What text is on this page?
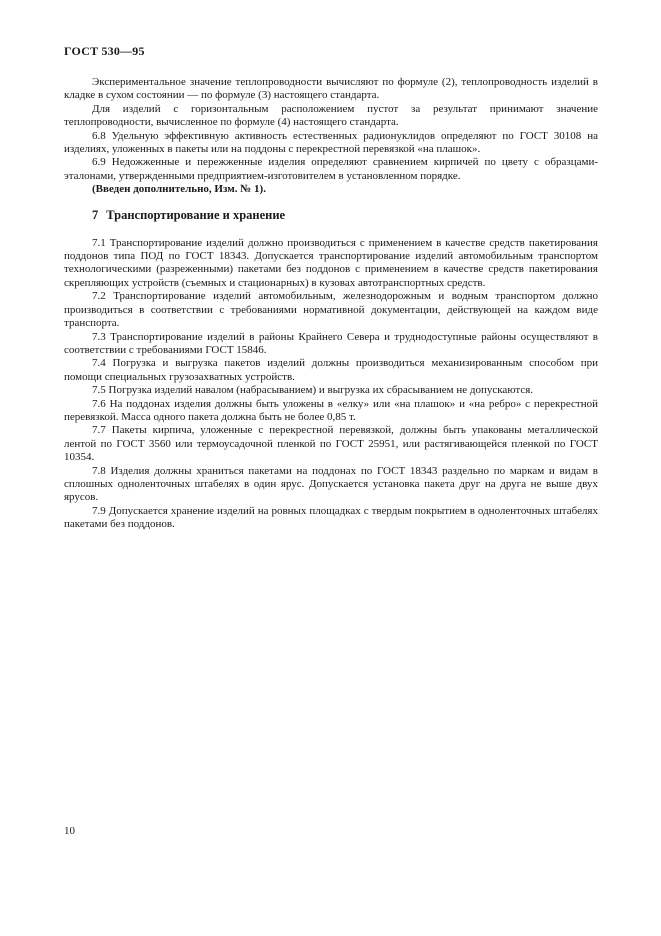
ГОСТ 530—95

Экспериментальное значение теплопроводности вычисляют по формуле (2), теплопроводность изделий в кладке в сухом состоянии — по формуле (3) настоящего стандарта.

Для изделий с горизонтальным расположением пустот за результат принимают значение теплопроводности, вычисленное по формуле (4) настоящего стандарта.

6.8 Удельную эффективную активность естественных радионуклидов определяют по ГОСТ 30108 на изделиях, уложенных в пакеты или на поддоны с перекрестной перевязкой «на плашок».

6.9 Недожженные и пережженные изделия определяют сравнением кирпичей по цвету с образцами-эталонами, утвержденными предприятием-изготовителем в установленном порядке.

(Введен дополнительно, Изм. № 1).

7 Транспортирование и хранение

7.1 Транспортирование изделий должно производиться с применением в качестве средств пакетирования поддонов типа ПОД по ГОСТ 18343. Допускается транспортирование изделий автомобильным транспортом технологическими (разреженными) пакетами без поддонов с применением в качестве средств пакетирования скрепляющих устройств (съемных и стационарных) в кузовах автотранспортных средств.

7.2 Транспортирование изделий автомобильным, железнодорожным и водным транспортом должно производиться в соответствии с требованиями нормативной документации, действующей на каждом виде транспорта.

7.3 Транспортирование изделий в районы Крайнего Севера и труднодоступные районы осуществляют в соответствии с требованиями ГОСТ 15846.

7.4 Погрузка и выгрузка пакетов изделий должны производиться механизированным способом при помощи специальных грузозахватных устройств.

7.5 Погрузка изделий навалом (набрасыванием) и выгрузка их сбрасыванием не допускаются.

7.6 На поддонах изделия должны быть уложены в «елку» или «на плашок» и «на ребро» с перекрестной перевязкой. Масса одного пакета должна быть не более 0,85 т.

7.7 Пакеты кирпича, уложенные с перекрестной перевязкой, должны быть упакованы металлической лентой по ГОСТ 3560 или термоусадочной пленкой по ГОСТ 25951, или растягивающейся пленкой по ГОСТ 10354.

7.8 Изделия должны храниться пакетами на поддонах по ГОСТ 18343 раздельно по маркам и видам в сплошных одноленточных штабелях в один ярус. Допускается установка пакета друг на друга не выше двух ярусов.

7.9 Допускается хранение изделий на ровных площадках с твердым покрытием в одноленточных штабелях пакетами без поддонов.

10
